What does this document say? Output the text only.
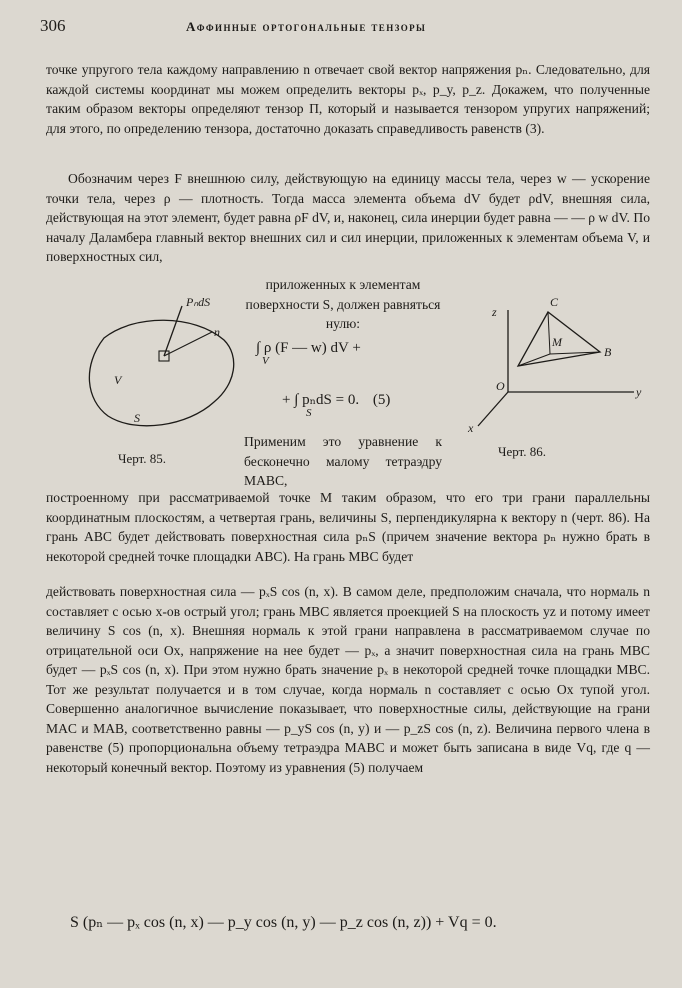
306	Аффинные ортогональные тензоры

точке упругого тела каждому направлению n отвечает свой вектор напряжения pₙ. Следовательно, для каждой системы координат мы можем определить векторы pₓ, p_y, p_z. Докажем, что полученные таким образом векторы определяют тензор П, который и называется тензором упругих напряжений; для этого, по определению тензора, достаточно доказать справедливость равенств (3).

Обозначим через F внешнюю силу, действующую на единицу массы тела, через w — ускорение точки тела, через ρ — плотность. Тогда масса элемента объема dV будет ρdV, внешняя сила, действующая на этот элемент, будет равна ρF dV, и, наконец, сила инерции будет равна — — ρ w dV. По началу Даламбера главный вектор внешних сил и сил инерции, приложенных к элементам объема V, и поверхностных сил,

PₙdS
n
V
S
Черт. 85.

приложенных к элементам поверхности S, должен равняться нулю:

∫ ρ (F — w) dV +
V
+ ∫ pₙdS = 0. (5)
S

Применим это уравнение к бесконечно малому тетраэдру MABC,

z
C
M
B
O	y
x
Черт. 86.

построенному при рассматриваемой точке M таким образом, что его три грани параллельны координатным плоскостям, а четвертая грань, величины S, перпендикулярна к вектору n (черт. 86). На грань ABC будет действовать поверхностная сила pₙS (причем значение вектора pₙ нужно брать в некоторой средней точке площадки ABC). На грань MBC будет

действовать поверхностная сила — pₓS cos (n, x). В самом деле, предположим сначала, что нормаль n составляет с осью x-ов острый угол; грань MBC является проекцией S на плоскость yz и потому имеет величину S cos (n, x). Внешняя нормаль к этой грани направлена в рассматриваемом случае по отрицательной оси Ox, напряжение на нее будет — pₓ, а значит поверхностная сила на грань MBC будет — pₓS cos (n, x). При этом нужно брать значение pₓ в некоторой средней точке площадки MBC. Тот же результат получается и в том случае, когда нормаль n составляет с осью Ox тупой угол. Совершенно аналогичное вычисление показывает, что поверхностные силы, действующие на грани MAC и MAB, соответственно равны — p_yS cos (n, y) и — p_zS cos (n, z). Величина первого члена в равенстве (5) пропорциональна объему тетраэдра MABC и может быть записана в виде Vq, где q — некоторый конечный вектор. Поэтому из уравнения (5) получаем

S (pₙ — pₓ cos (n, x) — p_y cos (n, y) — p_z cos (n, z)) + Vq = 0.
